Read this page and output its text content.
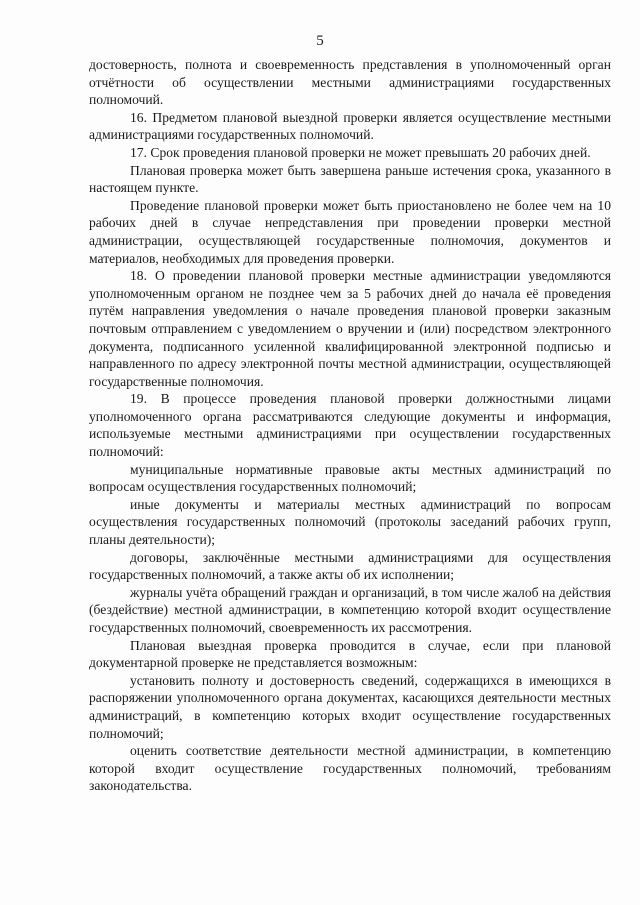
5

достоверность, полнота и своевременность представления в уполномоченный орган отчётности об осуществлении местными администрациями государственных полномочий.

16. Предметом плановой выездной проверки является осуществление местными администрациями государственных полномочий.

17. Срок проведения плановой проверки не может превышать 20 рабочих дней.

Плановая проверка может быть завершена раньше истечения срока, указанного в настоящем пункте.

Проведение плановой проверки может быть приостановлено не более чем на 10 рабочих дней в случае непредставления при проведении проверки местной администрации, осуществляющей государственные полномочия, документов и материалов, необходимых для проведения проверки.

18. О проведении плановой проверки местные администрации уведомляются уполномоченным органом не позднее чем за 5 рабочих дней до начала её проведения путём направления уведомления о начале проведения плановой проверки заказным почтовым отправлением с уведомлением о вручении и (или) посредством электронного документа, подписанного усиленной квалифицированной электронной подписью и направленного по адресу электронной почты местной администрации, осуществляющей государственные полномочия.

19. В процессе проведения плановой проверки должностными лицами уполномоченного органа рассматриваются следующие документы и информация, используемые местными администрациями при осуществлении государственных полномочий:

муниципальные нормативные правовые акты местных администраций по вопросам осуществления государственных полномочий;

иные документы и материалы местных администраций по вопросам осуществления государственных полномочий (протоколы заседаний рабочих групп, планы деятельности);

договоры, заключённые местными администрациями для осуществления государственных полномочий, а также акты об их исполнении;

журналы учёта обращений граждан и организаций, в том числе жалоб на действия (бездействие) местной администрации, в компетенцию которой входит осуществление государственных полномочий, своевременность их рассмотрения.

Плановая выездная проверка проводится в случае, если при плановой документарной проверке не представляется возможным:

установить полноту и достоверность сведений, содержащихся в имеющихся в распоряжении уполномоченного органа документах, касающихся деятельности местных администраций, в компетенцию которых входит осуществление государственных полномочий;

оценить соответствие деятельности местной администрации, в компетенцию которой входит осуществление государственных полномочий, требованиям законодательства.
